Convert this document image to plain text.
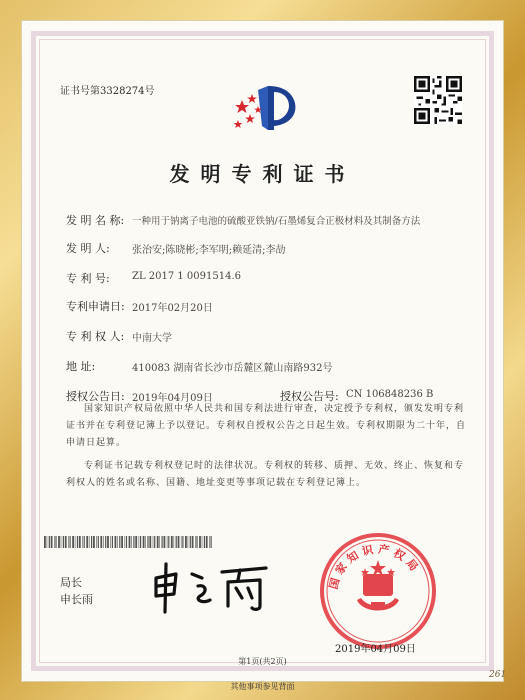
证书号第3328274号
发明专利证书
发 明 名 称: 一种用于钠离子电池的硫酸亚铁钠/石墨烯复合正极材料及其制备方法
发 明 人: 张治安;陈晓彬;李军明;赖延清;李劼
专 利 号: ZL 2017 1 0091514.6
专利申请日: 2017年02月20日
专 利 权 人: 中南大学
地 址:	410083 湖南省长沙市岳麓区麓山南路932号
授权公告日: 2019年04月09日	授权公告号: CN 106848236 B
国家知识产权局依照中华人民共和国专利法进行审查，决定授予专利权，颁发发明专利证书并在专利登记簿上予以登记。专利权自授权公告之日起生效。专利权期限为二十年，自申请日起算。
专利证书记载专利权登记时的法律状况。专利权的转移、质押、无效、终止、恢复和专利权人的姓名或名称、国籍、地址变更等事项记载在专利登记簿上。
局长
申长雨
国家知识产权局
2019年04月09日
第1页(共2页)
其他事项参见背面
261
